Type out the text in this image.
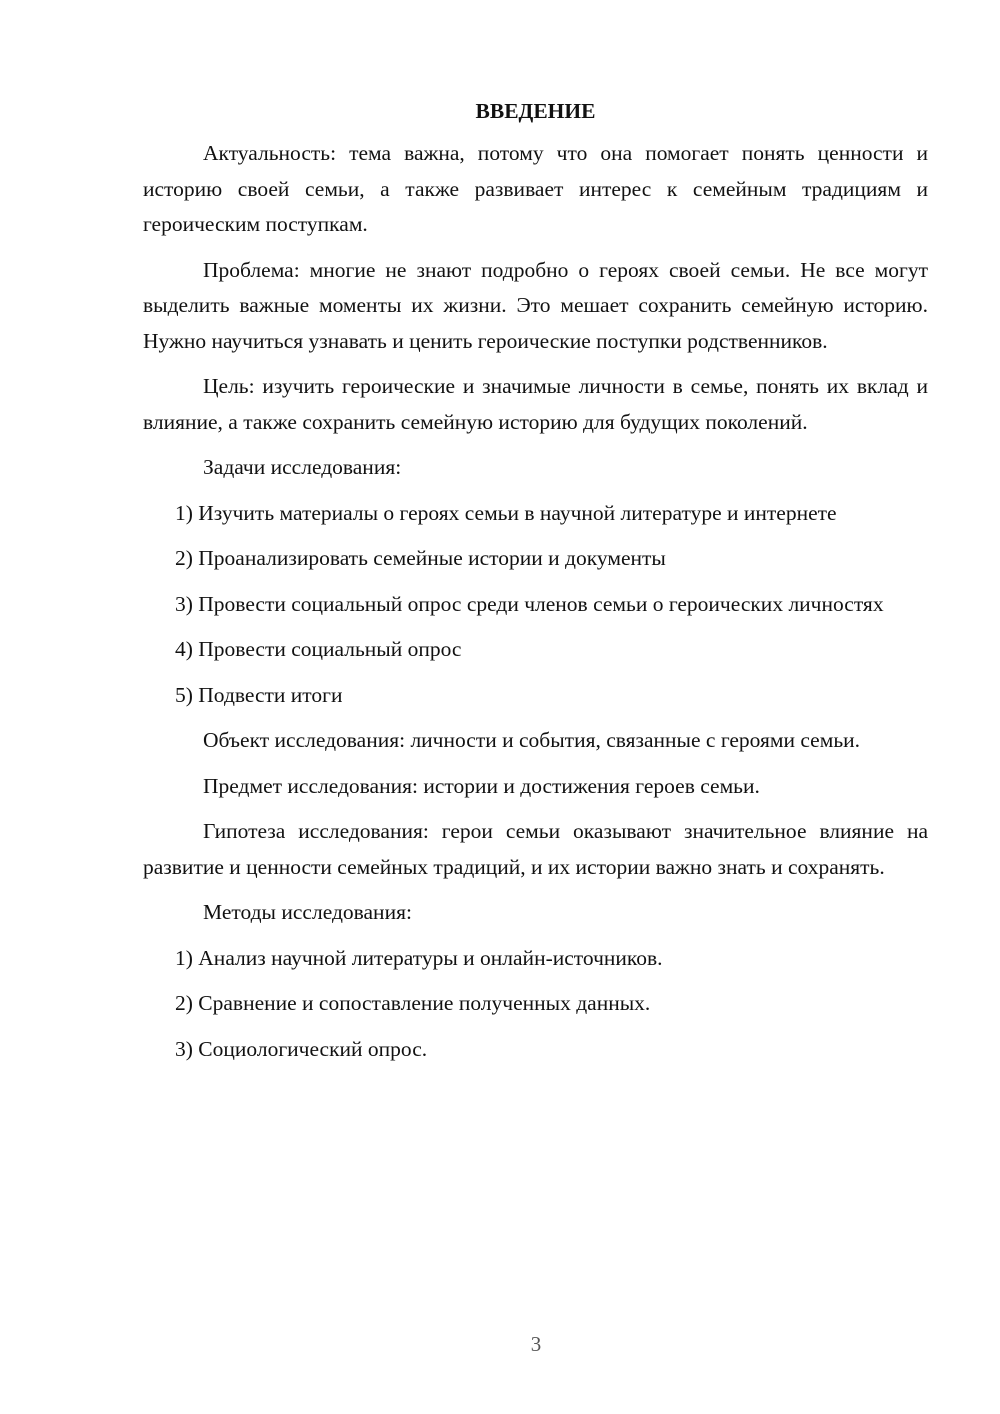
ВВЕДЕНИЕ

Актуальность: тема важна, потому что она помогает понять ценности и историю своей семьи, а также развивает интерес к семейным традициям и героическим поступкам.

Проблема: многие не знают подробно о героях своей семьи. Не все могут выделить важные моменты их жизни. Это мешает сохранить семейную историю. Нужно научиться узнавать и ценить героические поступки родственников.

Цель: изучить героические и значимые личности в семье, понять их вклад и влияние, а также сохранить семейную историю для будущих поколений.

Задачи исследования:

1) Изучить материалы о героях семьи в научной литературе и интернете

2) Проанализировать семейные истории и документы

3) Провести социальный опрос среди членов семьи о героических личностях

4) Провести социальный опрос

5) Подвести итоги

Объект исследования: личности и события, связанные с героями семьи.

Предмет исследования: истории и достижения героев семьи.

Гипотеза исследования: герои семьи оказывают значительное влияние на развитие и ценности семейных традиций, и их истории важно знать и сохранять.

Методы исследования:

1) Анализ научной литературы и онлайн-источников.

2) Сравнение и сопоставление полученных данных.

3) Социологический опрос.

3
